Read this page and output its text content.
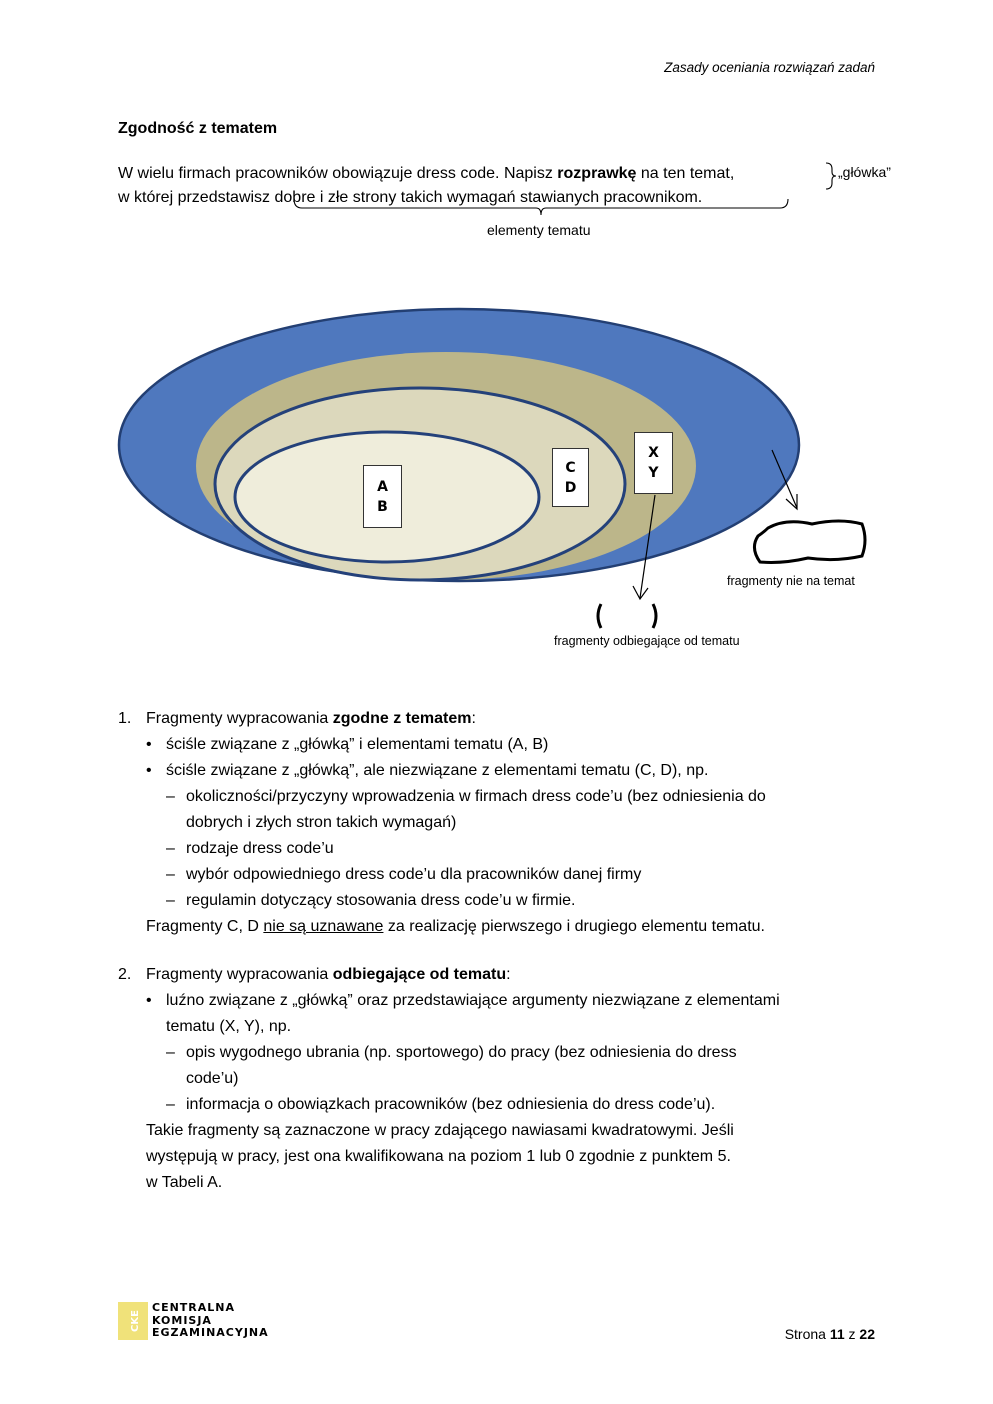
Zasady oceniania rozwiązań zadań
Zgodność z tematem
W wielu firmach pracowników obowiązuje dress code. Napisz rozprawkę na ten temat,
w której przedstawisz dobre i złe strony takich wymagań stawianych pracownikom.
„główka”
elementy tematu
A
B
C
D
X
Y
fragmenty nie na temat
fragmenty odbiegające od tematu
1. Fragmenty wypracowania zgodne z tematem:
• ściśle związane z „główką” i elementami tematu (A, B)
• ściśle związane z „główką”, ale niezwiązane z elementami tematu (C, D), np.
– okoliczności/przyczyny wprowadzenia w firmach dress code’u (bez odniesienia do
dobrych i złych stron takich wymagań)
– rodzaje dress code’u
– wybór odpowiedniego dress code’u dla pracowników danej firmy
– regulamin dotyczący stosowania dress code’u w firmie.

Fragmenty C, D nie są uznawane za realizację pierwszego i drugiego elementu tematu.

2. Fragmenty wypracowania odbiegające od tematu:
• luźno związane z „główką” oraz przedstawiające argumenty niezwiązane z elementami
tematu (X, Y), np.
– opis wygodnego ubrania (np. sportowego) do pracy (bez odniesienia do dress
code’u)
– informacja o obowiązkach pracowników (bez odniesienia do dress code’u).
Takie fragmenty są zaznaczone w pracy zdającego nawiasami kwadratowymi. Jeśli
występują w pracy, jest ona kwalifikowana na poziom 1 lub 0 zgodnie z punktem 5.
w Tabeli A.
CKE
CENTRALNA
KOMISJA
EGZAMINACYJNA	Strona 11 z 22
